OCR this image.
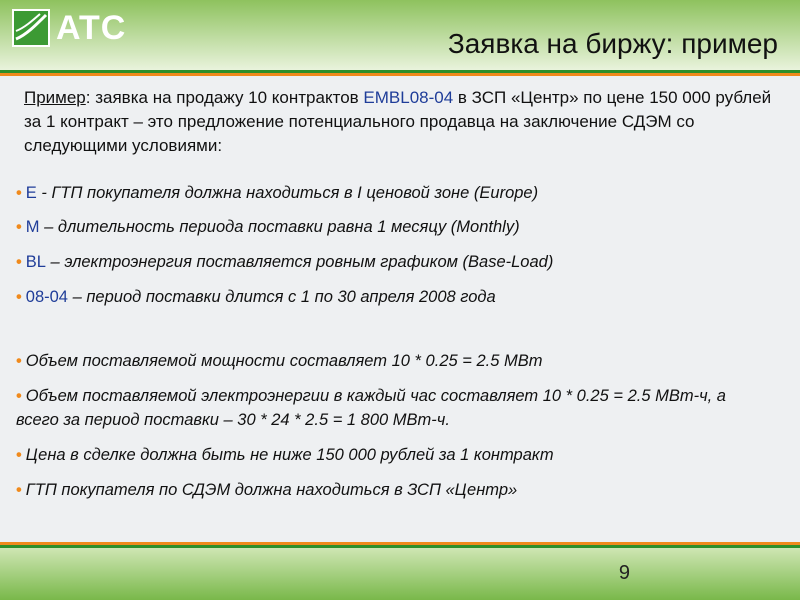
ATC	Заявка на биржу: пример
Пример: заявка на продажу 10 контрактов EMBL08-04 в ЗСП «Центр» по цене 150 000 рублей за 1 контракт – это предложение потенциального продавца на заключение СДЭМ со следующими условиями:
• E - ГТП покупателя должна находиться в I ценовой зоне (Europe)
• M – длительность периода поставки равна 1 месяцу (Monthly)
• BL – электроэнергия поставляется ровным графиком (Base-Load)
• 08-04 – период поставки длится с 1 по 30 апреля 2008 года
• Объем поставляемой мощности составляет 10 * 0.25 = 2.5 МВт
• Объем поставляемой электроэнергии в каждый час составляет 10 * 0.25 = 2.5 МВт-ч, а всего за период поставки – 30 * 24 * 2.5 = 1 800 МВт-ч.
• Цена в сделке должна быть не ниже 150 000 рублей за 1 контракт
• ГТП покупателя по СДЭМ должна находиться в ЗСП «Центр»
9
